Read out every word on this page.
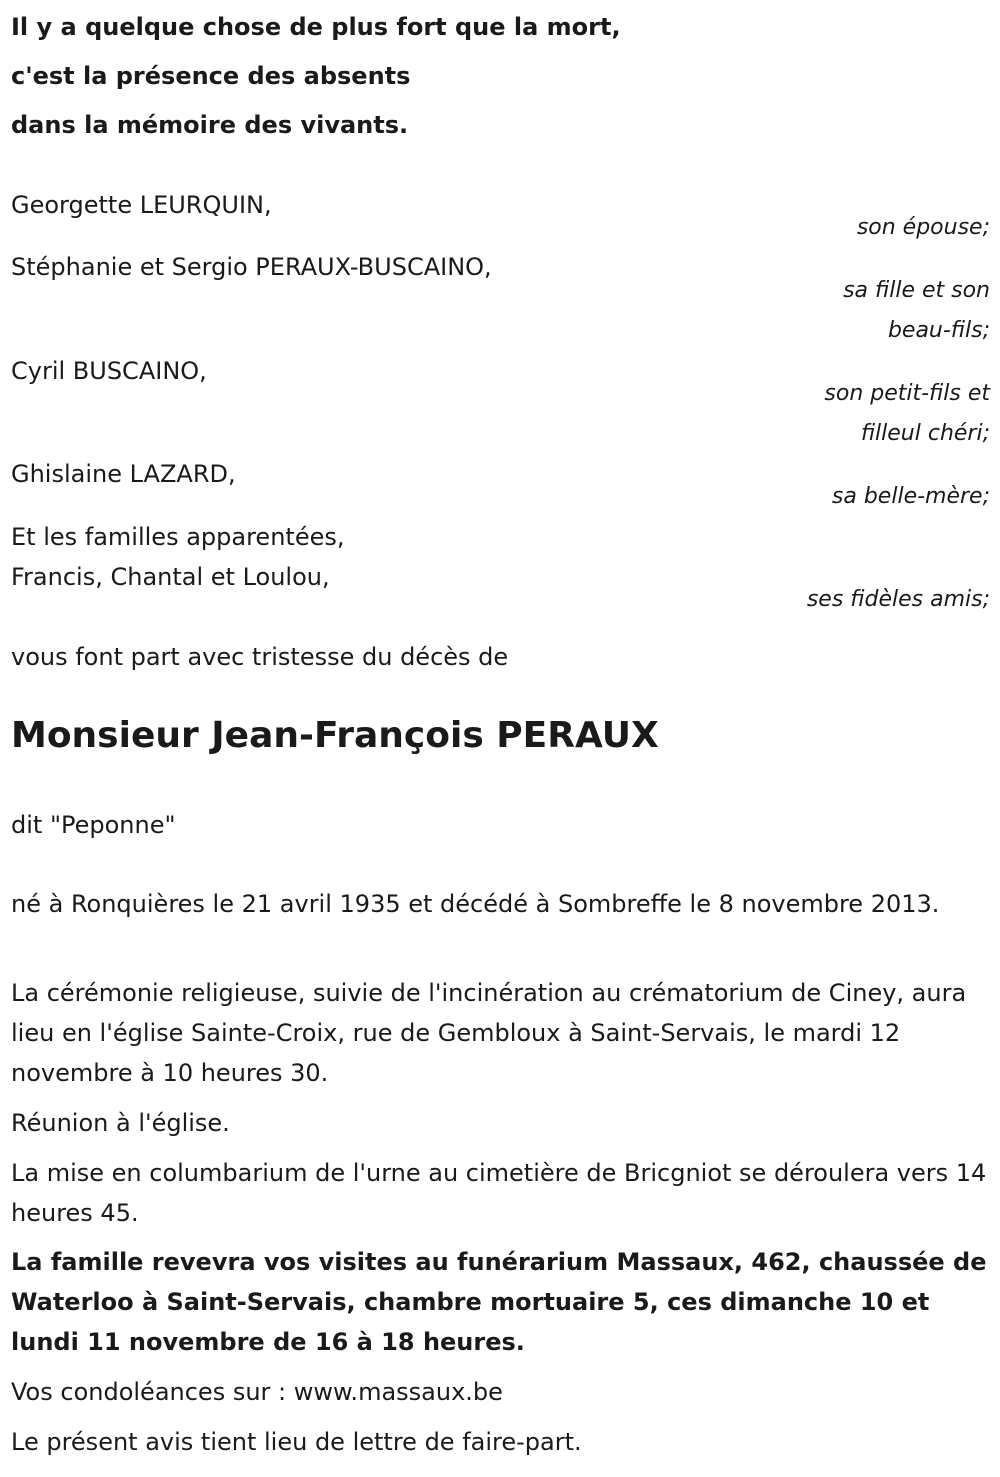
Il y a quelque chose de plus fort que la mort,
c'est la présence des absents
dans la mémoire des vivants.
Georgette LEURQUIN,
son épouse;
Stéphanie et Sergio PERAUX-BUSCAINO,
sa fille et son
beau-fils;
Cyril BUSCAINO,
son petit-fils et
filleul chéri;
Ghislaine LAZARD,
sa belle-mère;
Et les familles apparentées,
Francis, Chantal et Loulou,
ses fidèles amis;
vous font part avec tristesse du décès de
Monsieur Jean-François PERAUX
dit "Peponne"
né à Ronquières le 21 avril 1935 et décédé à Sombreffe le 8 novembre 2013.
La cérémonie religieuse, suivie de l'incinération au crématorium de Ciney, aura lieu en l'église Sainte-Croix, rue de Gembloux à Saint-Servais, le mardi 12 novembre à 10 heures 30.
Réunion à l'église.
La mise en columbarium de l'urne au cimetière de Bricgniot se déroulera vers 14 heures 45.
La famille revevra vos visites au funérarium Massaux, 462, chaussée de Waterloo à Saint-Servais, chambre mortuaire 5, ces dimanche 10 et lundi 11 novembre de 16 à 18 heures.
Vos condoléances sur : www.massaux.be
Le présent avis tient lieu de lettre de faire-part.
